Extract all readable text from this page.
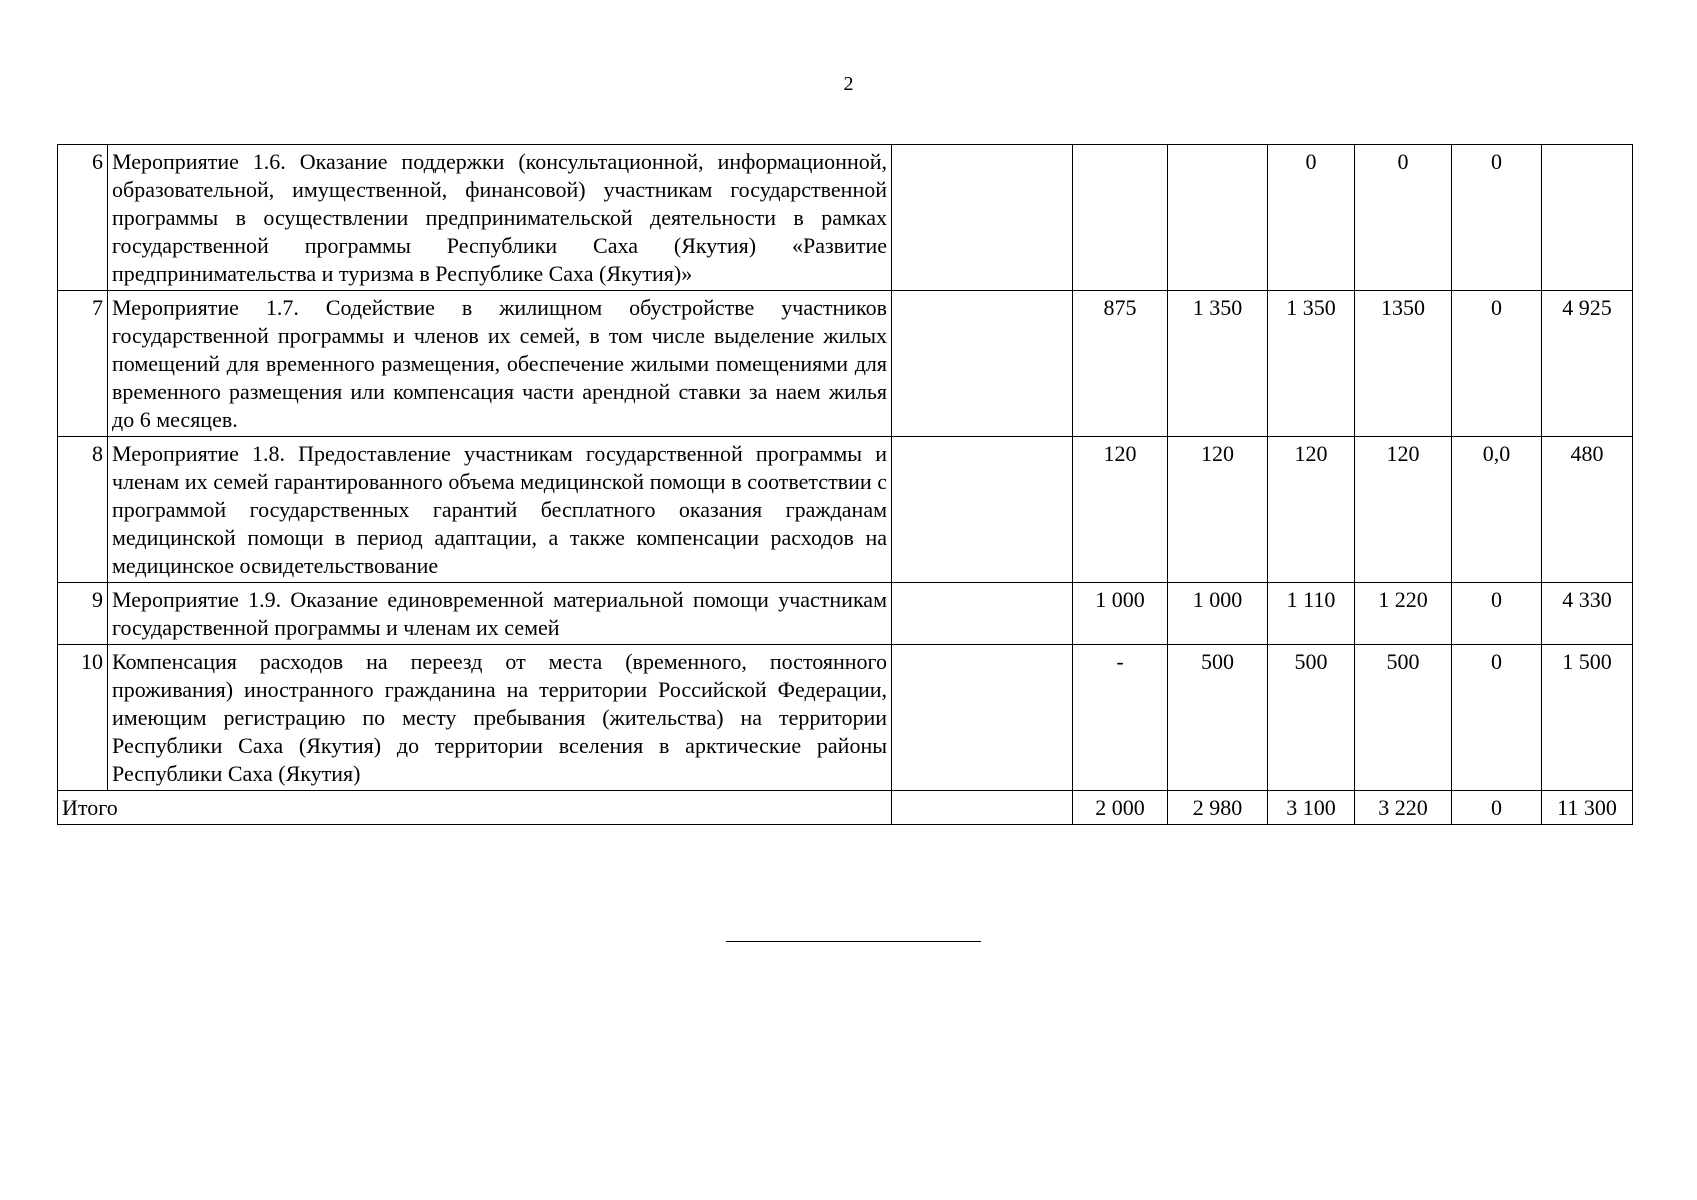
2
6	Мероприятие 1.6. Оказание поддержки (консультационной, информационной, образовательной, имущественной, финансовой) участникам государственной программы в осуществлении предпринимательской деятельности в рамках государственной программы Республики Саха (Якутия) «Развитие предпринимательства и туризма в Республике Саха (Якутия)»				0	0	0	
7	Мероприятие 1.7. Содействие в жилищном обустройстве участников государственной программы и членов их семей, в том числе выделение жилых помещений для временного размещения, обеспечение жилыми помещениями для временного размещения или компенсация части арендной ставки за наем жилья до 6 месяцев.		875	1 350	1 350	1350	0	4 925
8	Мероприятие 1.8. Предоставление участникам государственной программы и членам их семей гарантированного объема медицинской помощи в соответствии с программой государственных гарантий бесплатного оказания гражданам медицинской помощи в период адаптации, а также компенсации расходов на медицинское освидетельствование		120	120	120	120	0,0	480
9	Мероприятие 1.9. Оказание единовременной материальной помощи участникам государственной программы и членам их семей		1 000	1 000	1 110	1 220	0	4 330
10	Компенсация расходов на переезд от места (временного, постоянного проживания) иностранного гражданина на территории Российской Федерации, имеющим регистрацию по месту пребывания (жительства) на территории Республики Саха (Якутия) до территории вселения в арктические районы Республики Саха (Якутия)		-	500	500	500	0	1 500
Итого			2 000	2 980	3 100	3 220	0	11 300
